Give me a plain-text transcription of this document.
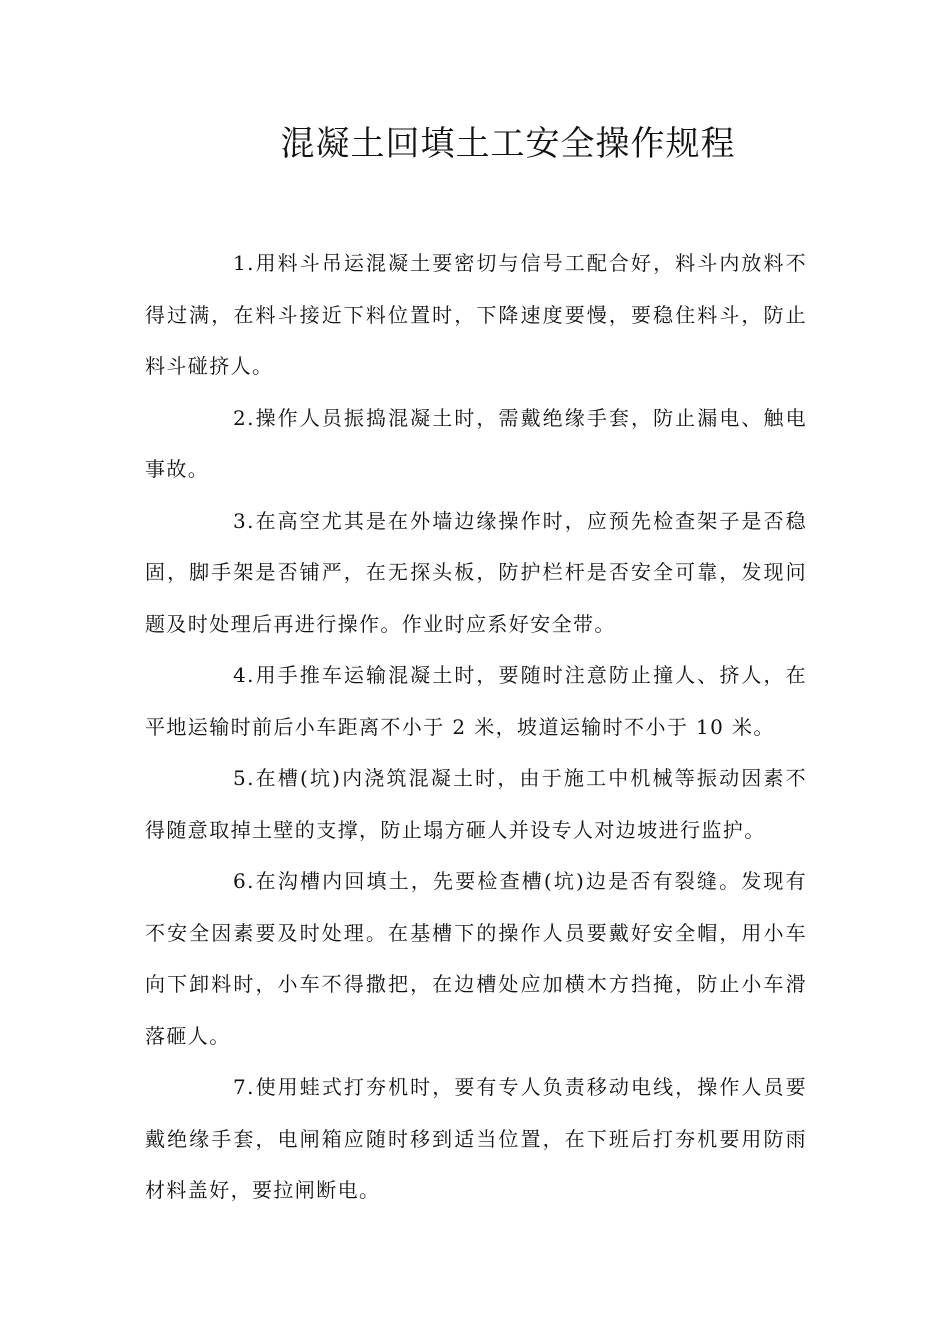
混凝土回填土工安全操作规程

1.用料斗吊运混凝土要密切与信号工配合好，料斗内放料不得过满，在料斗接近下料位置时，下降速度要慢，要稳住料斗，防止料斗碰挤人。

2.操作人员振捣混凝土时，需戴绝缘手套，防止漏电、触电事故。

3.在高空尤其是在外墙边缘操作时，应预先检查架子是否稳固，脚手架是否铺严，在无探头板，防护栏杆是否安全可靠，发现问题及时处理后再进行操作。作业时应系好安全带。

4.用手推车运输混凝土时，要随时注意防止撞人、挤人，在平地运输时前后小车距离不小于 2 米，坡道运输时不小于 10 米。

5.在槽(坑)内浇筑混凝土时，由于施工中机械等振动因素不得随意取掉土壁的支撑，防止塌方砸人并设专人对边坡进行监护。

6.在沟槽内回填土，先要检查槽(坑)边是否有裂缝。发现有不安全因素要及时处理。在基槽下的操作人员要戴好安全帽，用小车向下卸料时，小车不得撒把，在边槽处应加横木方挡掩，防止小车滑落砸人。

7.使用蛙式打夯机时，要有专人负责移动电线，操作人员要戴绝缘手套，电闸箱应随时移到适当位置，在下班后打夯机要用防雨材料盖好，要拉闸断电。
